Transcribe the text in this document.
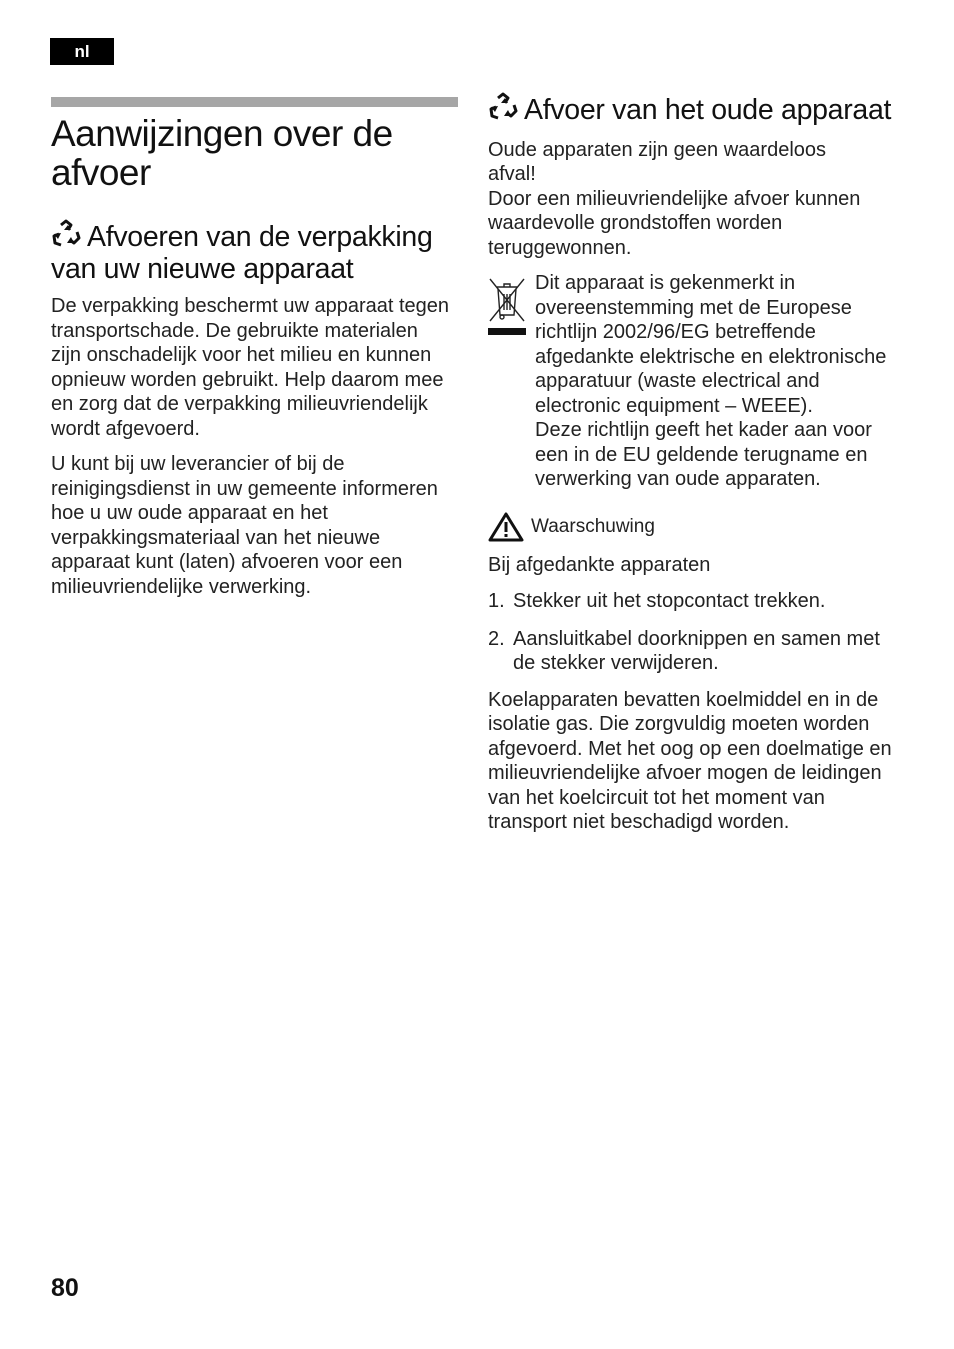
nl
Aanwijzingen over de afvoer
Afvoeren van de verpakking van uw nieuwe apparaat

De verpakking beschermt uw apparaat tegen transportschade. De gebruikte materialen zijn onschadelijk voor het milieu en kunnen opnieuw worden gebruikt. Help daarom mee en zorg dat de verpakking milieuvriendelijk wordt afgevoerd.

U kunt bij uw leverancier of bij de reinigingsdienst in uw gemeente informeren hoe u uw oude apparaat en het verpakkingsmateriaal van het nieuwe apparaat kunt (laten) afvoeren voor een milieuvriendelijke verwerking.

Afvoer van het oude apparaat

Oude apparaten zijn geen waardeloos afval!

Door een milieuvriendelijke afvoer kunnen waardevolle grondstoffen worden teruggewonnen.

Dit apparaat is gekenmerkt in overeenstemming met de Europese richtlijn 2002/96/EG betreffende afgedankte elektrische en elektronische apparatuur (waste electrical and electronic equipment – WEEE).

Deze richtlijn geeft het kader aan voor een in de EU geldende terugname en verwerking van oude apparaten.

Waarschuwing

Bij afgedankte apparaten

1. Stekker uit het stopcontact trekken.
2. Aansluitkabel doorknippen en samen met de stekker verwijderen.

Koelapparaten bevatten koelmiddel en in de isolatie gas. Die zorgvuldig moeten worden afgevoerd. Met het oog op een doelmatige en milieuvriendelijke afvoer mogen de leidingen van het koelcircuit tot het moment van transport niet beschadigd worden.

80
